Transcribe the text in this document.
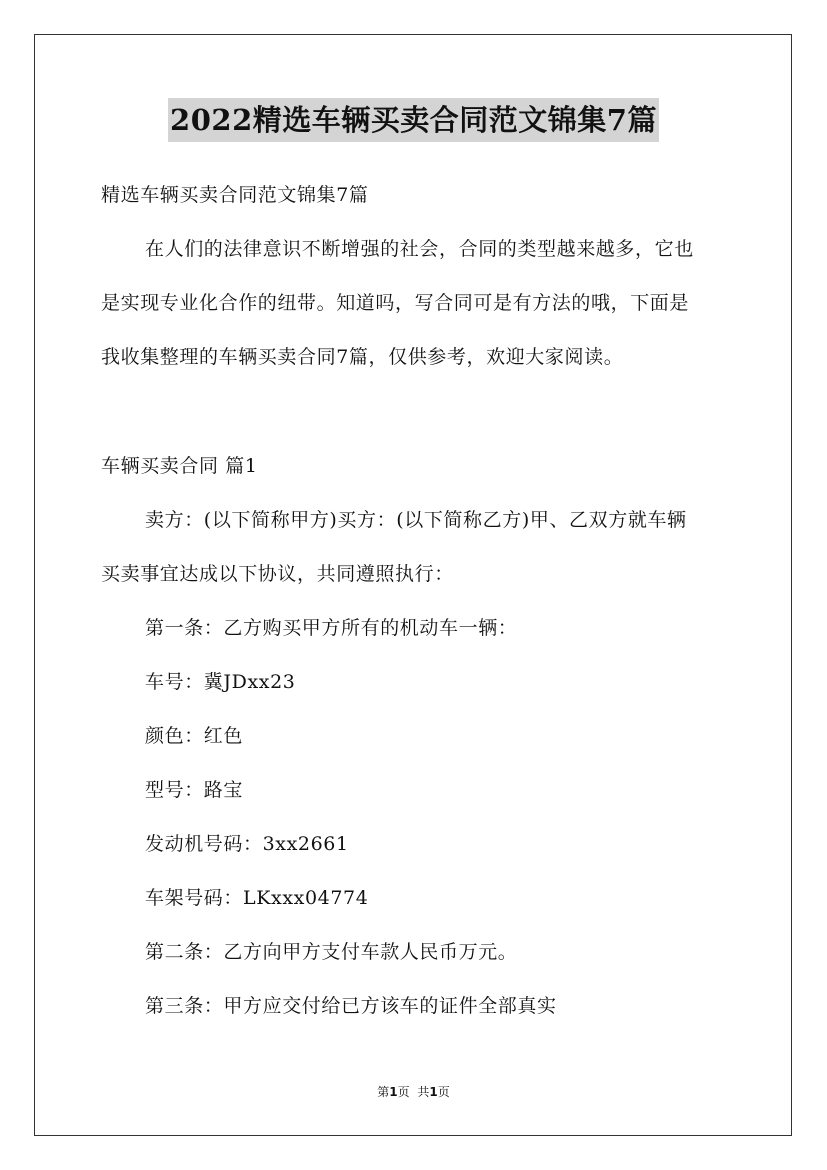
2022精选车辆买卖合同范文锦集7篇
精选车辆买卖合同范文锦集7篇
在人们的法律意识不断增强的社会，合同的类型越来越多，它也
是实现专业化合作的纽带。知道吗，写合同可是有方法的哦，下面是
我收集整理的车辆买卖合同7篇，仅供参考，欢迎大家阅读。
车辆买卖合同 篇1
卖方：(以下简称甲方)买方：(以下简称乙方)甲、乙双方就车辆
买卖事宜达成以下协议，共同遵照执行：
第一条：乙方购买甲方所有的机动车一辆：
车号：冀JDxx23
颜色：红色
型号：路宝
发动机号码：3xx2661
车架号码：LKxxx04774
第二条：乙方向甲方支付车款人民币万元。
第三条：甲方应交付给已方该车的证件全部真实
第1页 共1页
